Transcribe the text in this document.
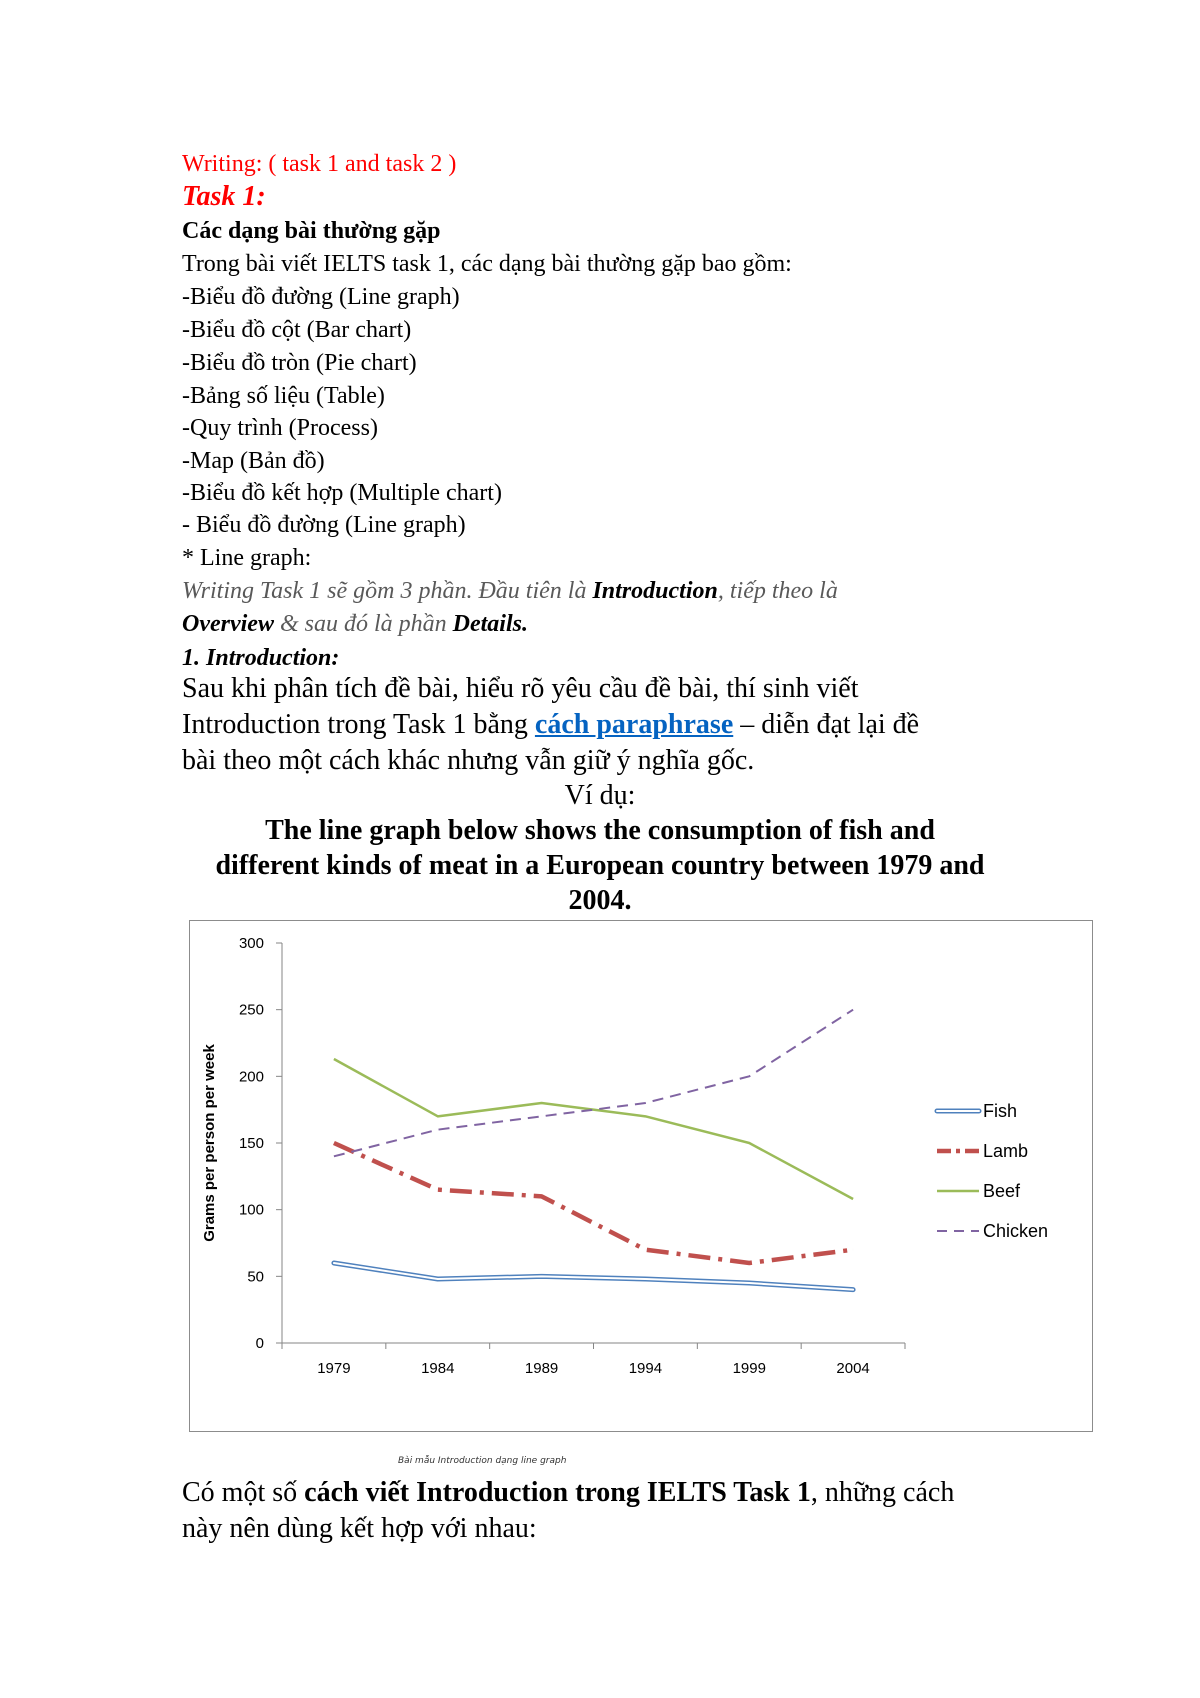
Writing: ( task 1 and task 2 )
Task 1:
Các dạng bài thường gặp
Trong bài viết IELTS task 1, các dạng bài thường gặp bao gồm:
-Biểu đồ đường (Line graph)
-Biểu đồ cột (Bar chart)
-Biểu đồ tròn (Pie chart)
-Bảng số liệu (Table)
-Quy trình (Process)
-Map (Bản đồ)
-Biểu đồ kết hợp (Multiple chart)
- Biểu đồ đường (Line graph)
* Line graph:
Writing Task 1 sẽ gồm 3 phần. Đầu tiên là Introduction, tiếp theo là
Overview & sau đó là phần Details.
1. Introduction:
Sau khi phân tích đề bài, hiểu rõ yêu cầu đề bài, thí sinh viết
Introduction trong Task 1 bằng cách paraphrase – diễn đạt lại đề
bài theo một cách khác nhưng vẫn giữ ý nghĩa gốc.
Ví dụ:
The line graph below shows the consumption of fish and
different kinds of meat in a European country between 1979 and
2004.
0
50
100
150
200
250
300
1979	1984	1989	1994	1999	2004
Grams per person per week	Fish
Lamb
Beef
Chicken
Bài mẫu Introduction dạng line graph
Có một số cách viết Introduction trong IELTS Task 1, những cách
này nên dùng kết hợp với nhau:
